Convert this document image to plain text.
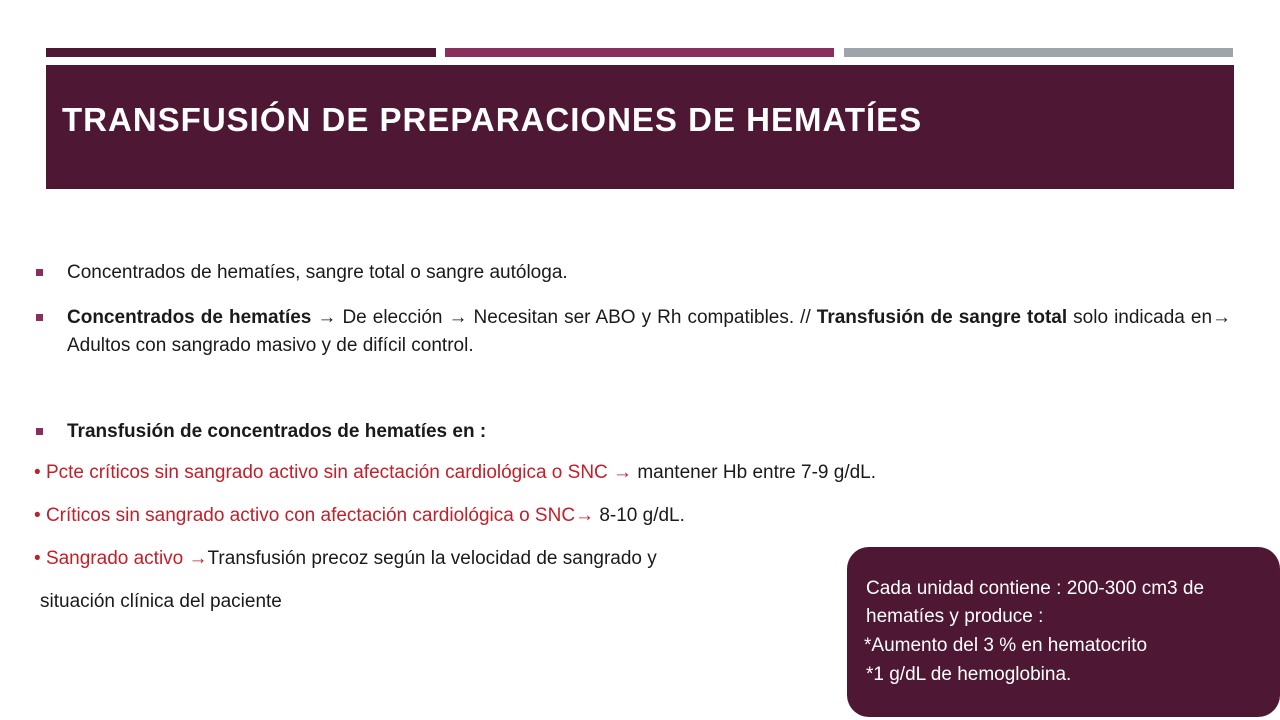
TRANSFUSIÓN DE PREPARACIONES DE HEMATÍES
Concentrados de hematíes, sangre total o sangre autóloga.
Concentrados de hematíes → De elección → Necesitan ser ABO y Rh compatibles. // Transfusión de sangre total solo indicada en→ Adultos con sangrado masivo y de difícil control.
Transfusión de concentrados de hematíes en :
• Pcte críticos sin sangrado activo sin afectación cardiológica o SNC → mantener Hb entre 7-9 g/dL.
• Críticos sin sangrado activo con afectación cardiológica o SNC→ 8-10 g/dL.
• Sangrado activo →Transfusión precoz según la velocidad de sangrado y
situación clínica del paciente
Cada unidad contiene : 200-300 cm3 de
hematíes y produce :
*Aumento del 3 % en hematocrito
*1 g/dL de hemoglobina.
